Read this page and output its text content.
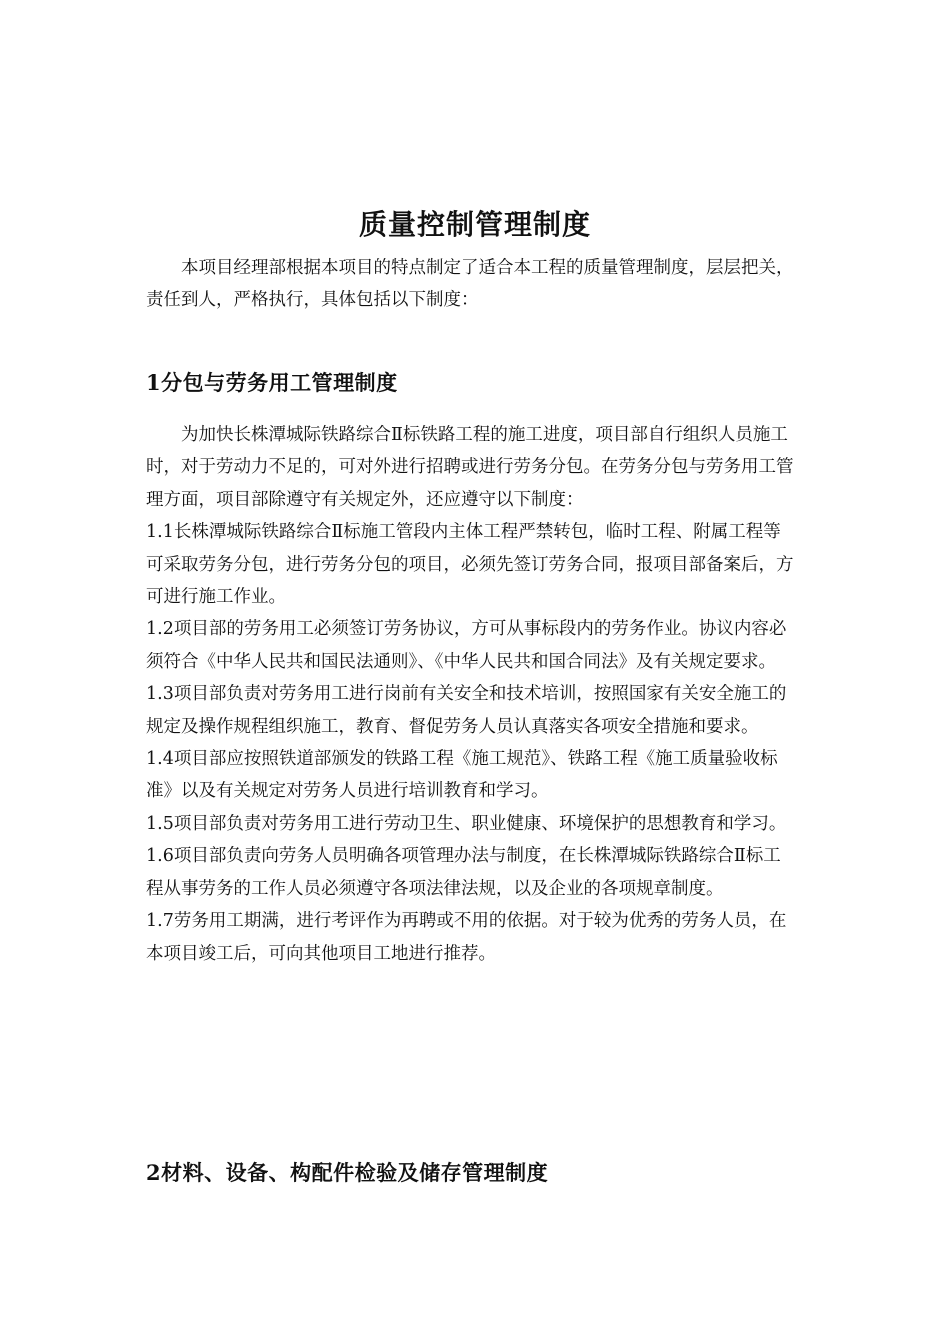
质量控制管理制度

本项目经理部根据本项目的特点制定了适合本工程的质量管理制度，层层把关，责任到人，严格执行，具体包括以下制度：

1分包与劳务用工管理制度

为加快长株潭城际铁路综合Ⅱ标铁路工程的施工进度，项目部自行组织人员施工时，对于劳动力不足的，可对外进行招聘或进行劳务分包。在劳务分包与劳务用工管理方面，项目部除遵守有关规定外，还应遵守以下制度：

1.1长株潭城际铁路综合Ⅱ标施工管段内主体工程严禁转包，临时工程、附属工程等可采取劳务分包，进行劳务分包的项目，必须先签订劳务合同，报项目部备案后，方可进行施工作业。

1.2项目部的劳务用工必须签订劳务协议，方可从事标段内的劳务作业。协议内容必须符合《中华人民共和国民法通则》、《中华人民共和国合同法》及有关规定要求。

1.3项目部负责对劳务用工进行岗前有关安全和技术培训，按照国家有关安全施工的规定及操作规程组织施工，教育、督促劳务人员认真落实各项安全措施和要求。

1.4项目部应按照铁道部颁发的铁路工程《施工规范》、铁路工程《施工质量验收标准》以及有关规定对劳务人员进行培训教育和学习。

1.5项目部负责对劳务用工进行劳动卫生、职业健康、环境保护的思想教育和学习。

1.6项目部负责向劳务人员明确各项管理办法与制度，在长株潭城际铁路综合Ⅱ标工程从事劳务的工作人员必须遵守各项法律法规，以及企业的各项规章制度。

1.7劳务用工期满，进行考评作为再聘或不用的依据。对于较为优秀的劳务人员，在本项目竣工后，可向其他项目工地进行推荐。

2材料、设备、构配件检验及储存管理制度
